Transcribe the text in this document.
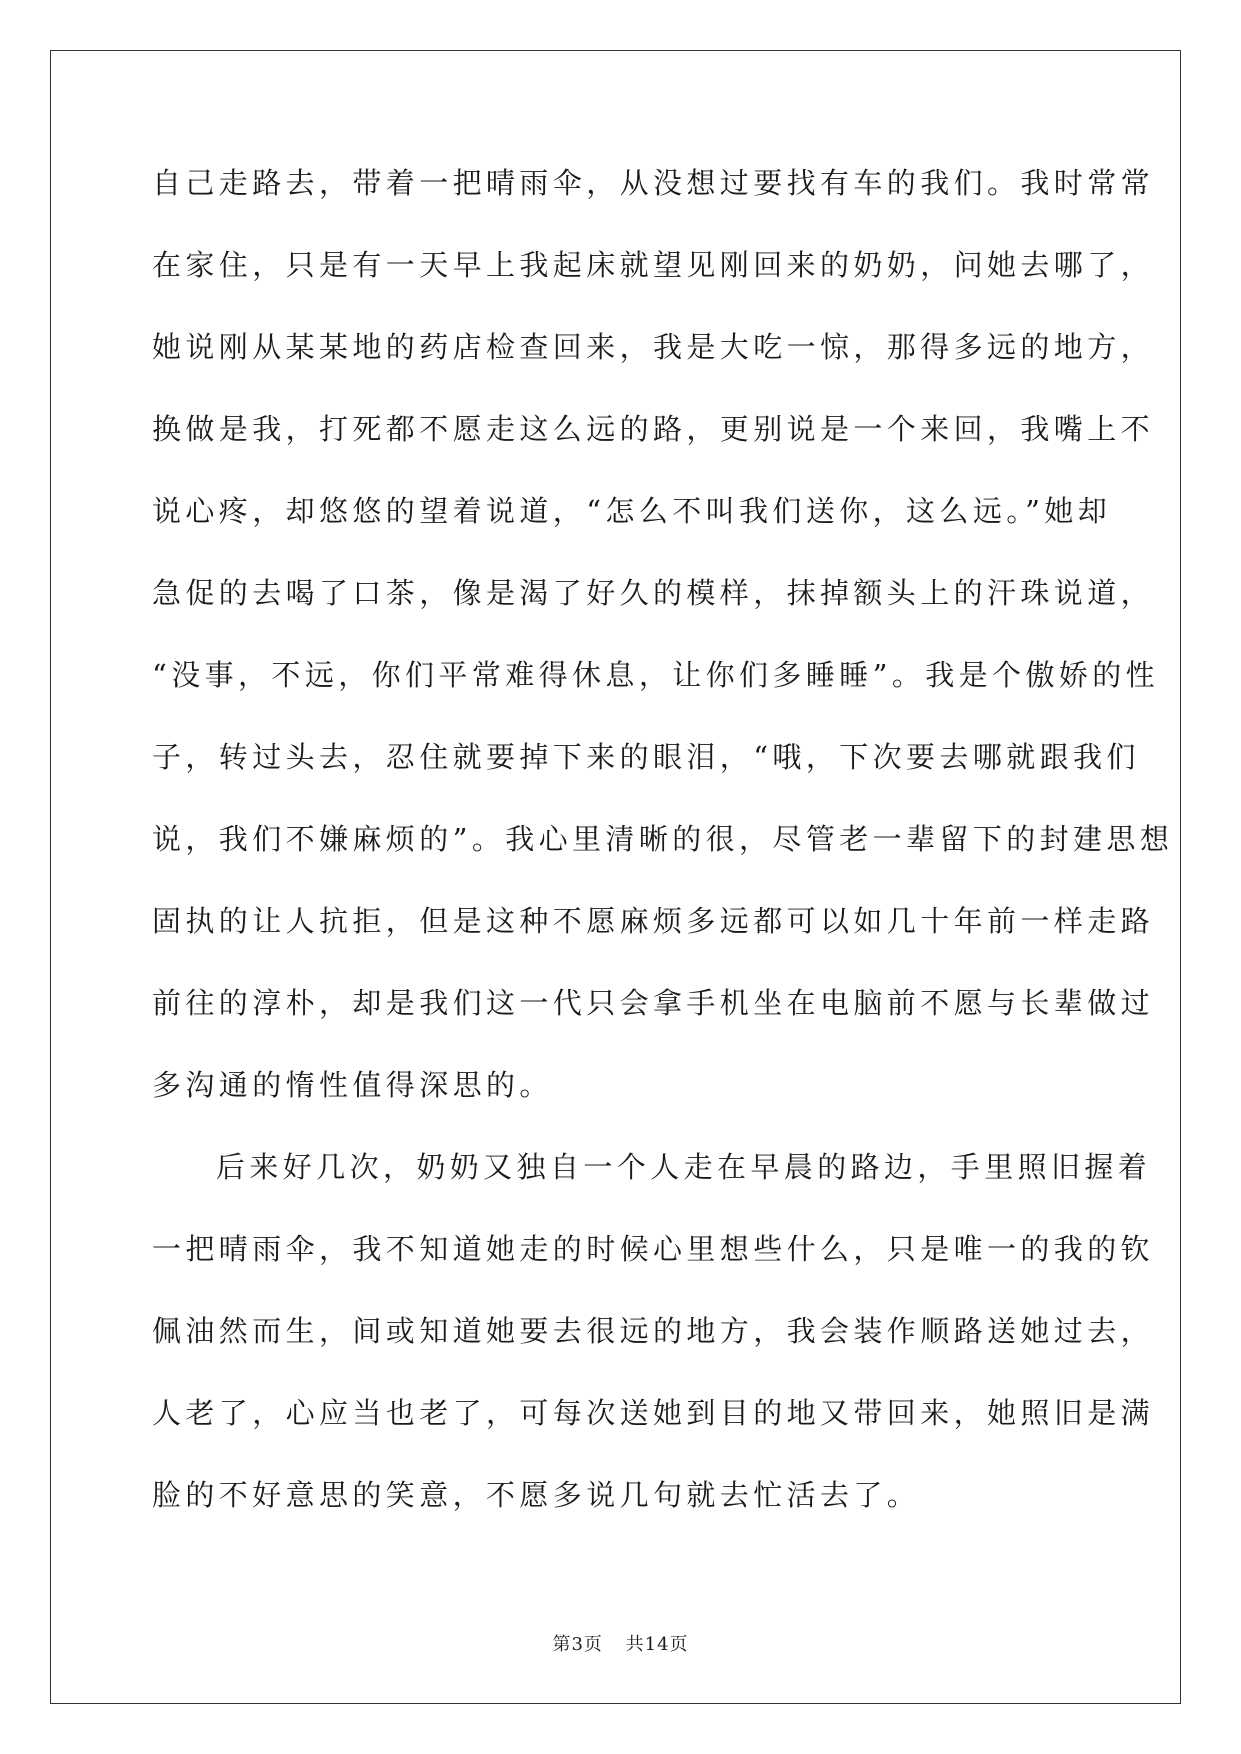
自己走路去，带着一把晴雨伞，从没想过要找有车的我们。我时常常
在家住，只是有一天早上我起床就望见刚回来的奶奶，问她去哪了，
她说刚从某某地的药店检查回来，我是大吃一惊，那得多远的地方，
换做是我，打死都不愿走这么远的路，更别说是一个来回，我嘴上不
说心疼，却悠悠的望着说道，“怎么不叫我们送你，这么远。”她却
急促的去喝了口茶，像是渴了好久的模样，抹掉额头上的汗珠说道，
“没事，不远，你们平常难得休息，让你们多睡睡”。我是个傲娇的性
子，转过头去，忍住就要掉下来的眼泪，“哦，下次要去哪就跟我们
说，我们不嫌麻烦的”。我心里清晰的很，尽管老一辈留下的封建思想
固执的让人抗拒，但是这种不愿麻烦多远都可以如几十年前一样走路
前往的淳朴，却是我们这一代只会拿手机坐在电脑前不愿与长辈做过
多沟通的惰性值得深思的。
后来好几次，奶奶又独自一个人走在早晨的路边，手里照旧握着
一把晴雨伞，我不知道她走的时候心里想些什么，只是唯一的我的钦
佩油然而生，间或知道她要去很远的地方，我会装作顺路送她过去，
人老了，心应当也老了，可每次送她到目的地又带回来，她照旧是满
脸的不好意思的笑意，不愿多说几句就去忙活去了。
第3页 共14页
